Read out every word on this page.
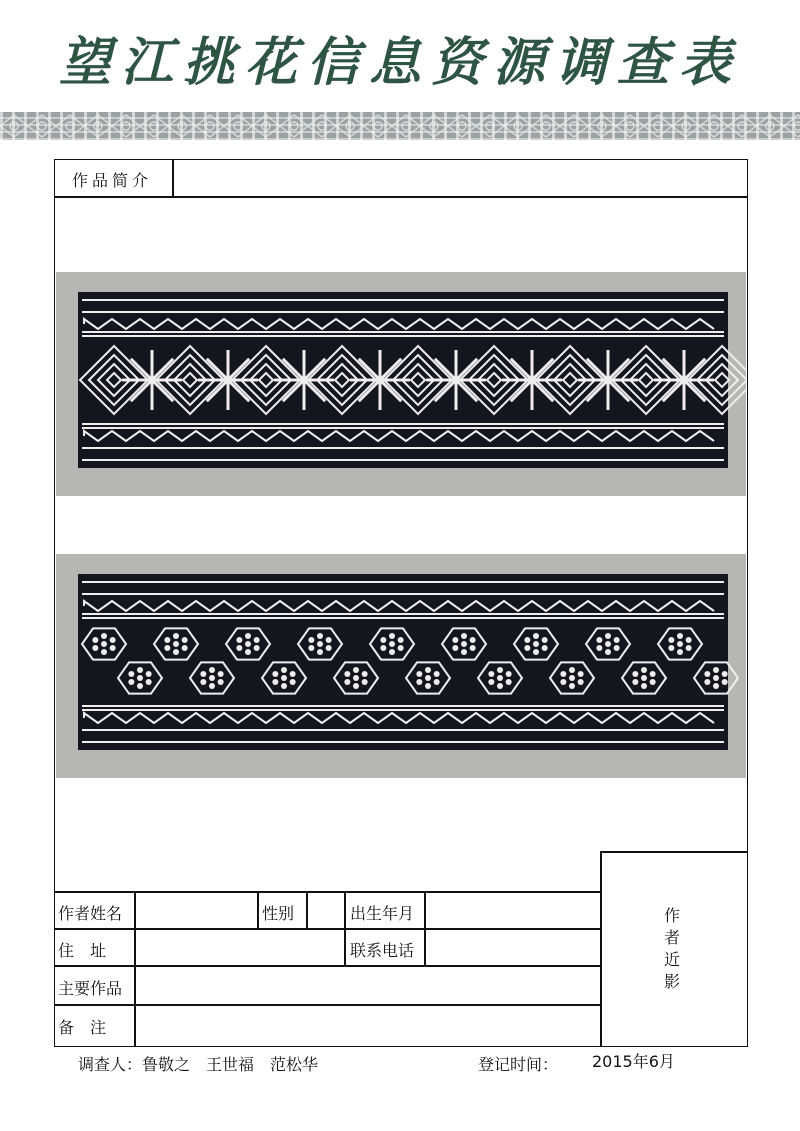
望江挑花信息资源调查表
作品简介
作
者
近
影
作者姓名	性别	出生年月
住　址	联系电话
主要作品
备　注
调查人：鲁敬之　王世福　范松华	登记时间： 2015年6月
